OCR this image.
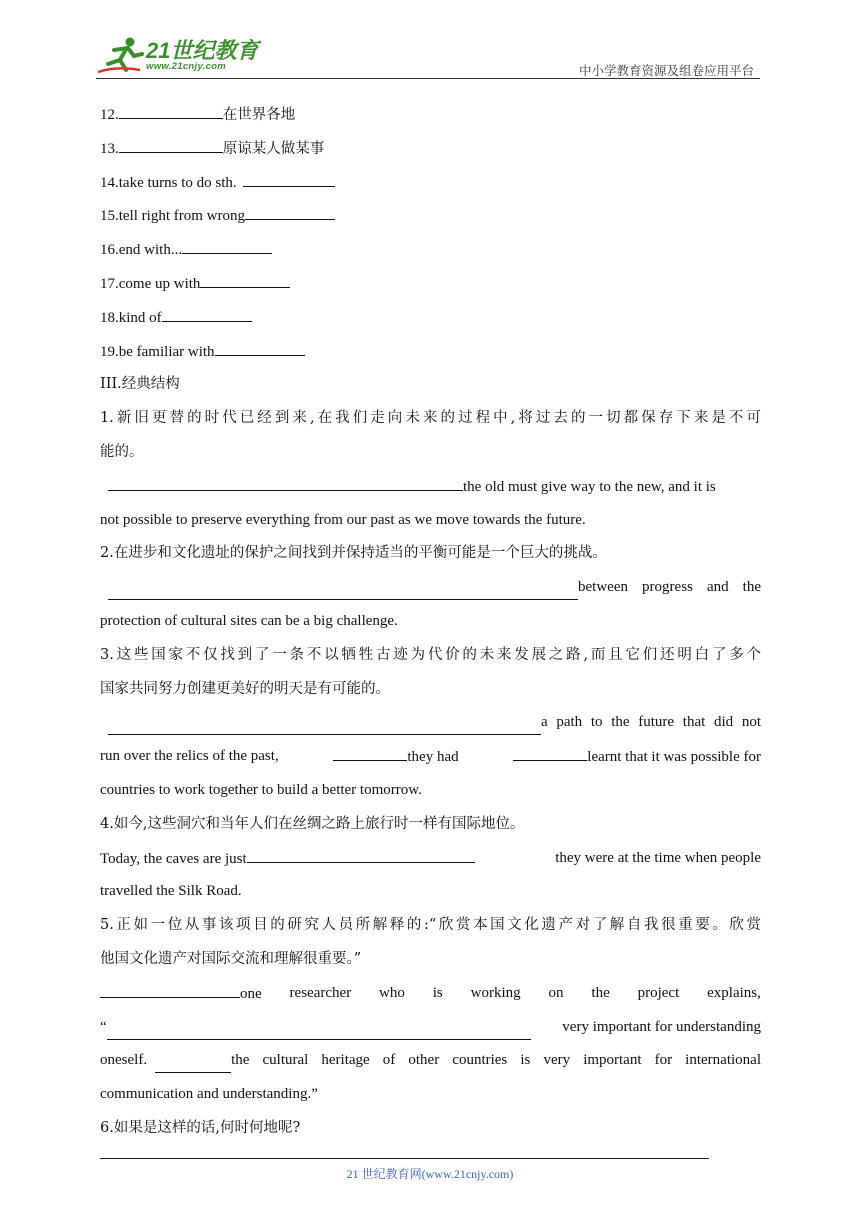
21世纪教育
www.21cnjy.com	中小学教育资源及组卷应用平台
12.	在世界各地
13.	原谅某人做某事
14.take turns to do sth.
15.tell right from wrong
16.end with...
17.come up with
18.kind of
19.be familiar with
III.经典结构
1.新旧更替的时代已经到来,在我们走向未来的过程中,将过去的一切都保存下来是不可
能的。
the old must give way to the new, and it is
not possible to preserve everything from our past as we move towards the future.
2.在进步和文化遗址的保护之间找到并保持适当的平衡可能是一个巨大的挑战。
between progress and the
protection of cultural sites can be a big challenge.
3.这些国家不仅找到了一条不以牺牲古迹为代价的未来发展之路,而且它们还明白了多个
国家共同努力创建更美好的明天是有可能的。
a path to the future that did not
run over the relics of the past,	they had	learnt that it was possible for
countries to work together to build a better tomorrow.
4.如今,这些洞穴和当年人们在丝绸之路上旅行时一样有国际地位。
Today, the caves are just	they were at the time when people
travelled the Silk Road.
5.正如一位从事该项目的研究人员所解释的:“欣赏本国文化遗产对了解自我很重要。欣赏
他国文化遗产对国际交流和理解很重要。”
one researcher who is working on the project explains,
“	very important for understanding
oneself.	the cultural heritage of other countries is very important for international
communication and understanding.”
6.如果是这样的话,何时何地呢?
21 世纪教育网(www.21cnjy.com)
